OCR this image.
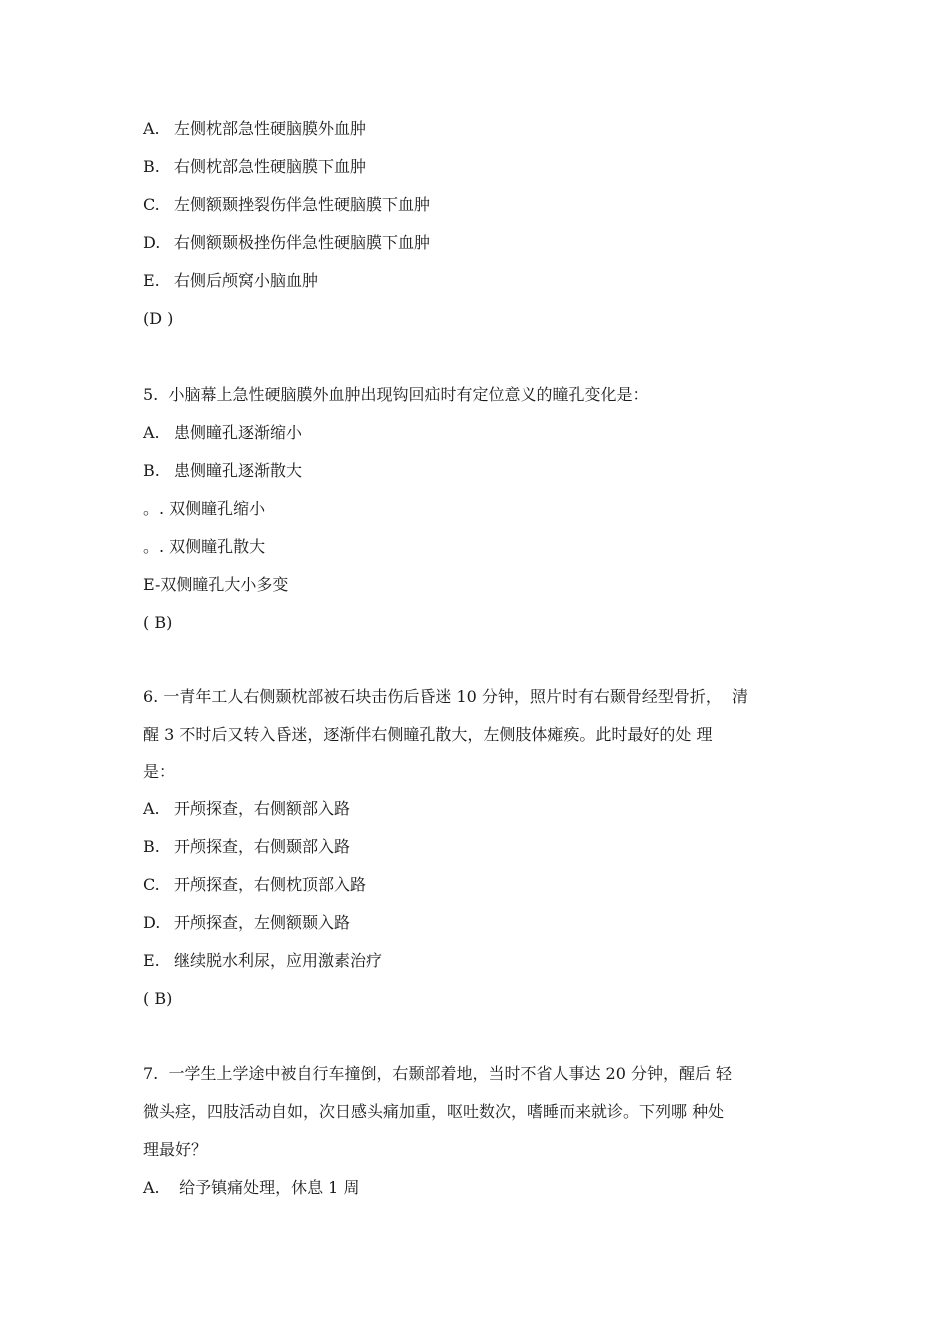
A. 左侧枕部急性硬脑膜外血肿
B. 右侧枕部急性硬脑膜下血肿
C. 左侧额颞挫裂伤伴急性硬脑膜下血肿
D. 右侧额颞极挫伤伴急性硬脑膜下血肿
E. 右侧后颅窝小脑血肿
(D )
5.  小脑幕上急性硬脑膜外血肿出现钩回疝时有定位意义的瞳孔变化是：
A. 患侧瞳孔逐渐缩小
B. 患侧瞳孔逐渐散大
。. 双侧瞳孔缩小
。. 双侧瞳孔散大
E-双侧瞳孔大小多变
( B)
6. 一青年工人右侧颞枕部被石块击伤后昏迷 10 分钟，照片时有右颞骨经型骨折，  清
醒 3 不时后又转入昏迷，逐渐伴右侧瞳孔散大，左侧肢体瘫痪。此时最好的处 理
是：
A. 开颅探查，右侧额部入路
B. 开颅探查，右侧颞部入路
C. 开颅探查，右侧枕顶部入路
D. 开颅探查，左侧额颞入路
E. 继续脱水利尿，应用激素治疗
( B)
7.  一学生上学途中被自行车撞倒，右颞部着地，当时不省人事达 20 分钟，醒后 轻
微头痉，四肢活动自如，次日感头痛加重，呕吐数次，嗜睡而来就诊。下列哪 种处
理最好？
A. 给予镇痛处理，休息 1 周
